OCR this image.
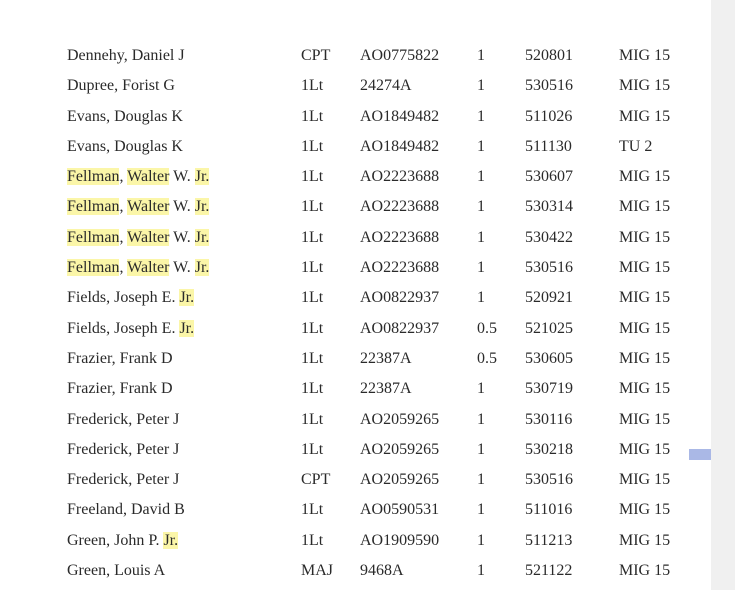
Dennehy, Daniel J	CPT AO0775822 1	520801	MIG 15
Dupree, Forist G	1Lt 24274A	1	530516	MIG 15
Evans, Douglas K	1Lt AO1849482 1	511026	MIG 15
Evans, Douglas K	1Lt AO1849482 1	511130	TU 2
Fellman, Walter W. Jr.	1Lt AO2223688 1	530607	MIG 15
Fellman, Walter W. Jr.	1Lt AO2223688 1	530314	MIG 15
Fellman, Walter W. Jr.	1Lt AO2223688 1	530422	MIG 15
Fellman, Walter W. Jr.	1Lt AO2223688 1	530516	MIG 15
Fields, Joseph E. Jr.	1Lt AO0822937 1	520921	MIG 15
Fields, Joseph E. Jr.	1Lt AO0822937 0.5 521025	MIG 15
Frazier, Frank D	1Lt 22387A	0.5 530605	MIG 15
Frazier, Frank D	1Lt 22387A	1	530719	MIG 15
Frederick, Peter J	1Lt AO2059265 1	530116	MIG 15
Frederick, Peter J	1Lt AO2059265 1	530218	MIG 15
Frederick, Peter J	CPT AO2059265 1	530516	MIG 15
Freeland, David B	1Lt AO0590531 1	511016	MIG 15
Green, John P. Jr.	1Lt AO1909590 1	511213	MIG 15
Green, Louis A	MAJ 9468A	1	521122	MIG 15
